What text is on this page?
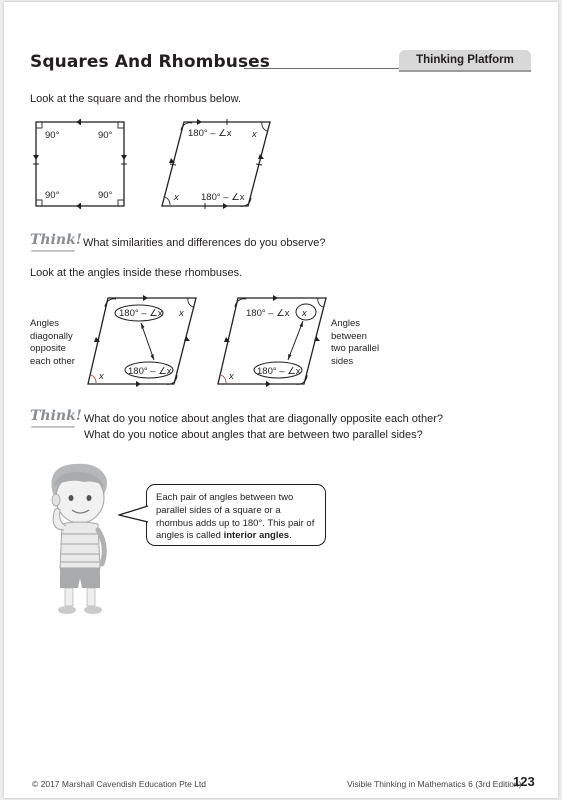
Squares And Rhombuses	Thinking Platform
Look at the square and the rhombus below.
90°	90°
90°	90°
180° – ∠x x
x 180° – ∠x
Think! What similarities and differences do you observe?
Look at the angles inside these rhombuses.
Angles
diagonally
opposite
each other
180° – ∠x x
x	180° – ∠x
180° – ∠x x
x 180° – ∠x
Angles
between
two parallel
sides
Think! What do you notice about angles that are diagonally opposite each other?
What do you notice about angles that are between two parallel sides?
Each pair of angles between two
parallel sides of a square or a
rhombus adds up to 180°. This pair of
angles is called interior angles.
© 2017 Marshall Cavendish Education Pte Ltd	Visible Thinking in Mathematics 6 (3rd Edition)
123
